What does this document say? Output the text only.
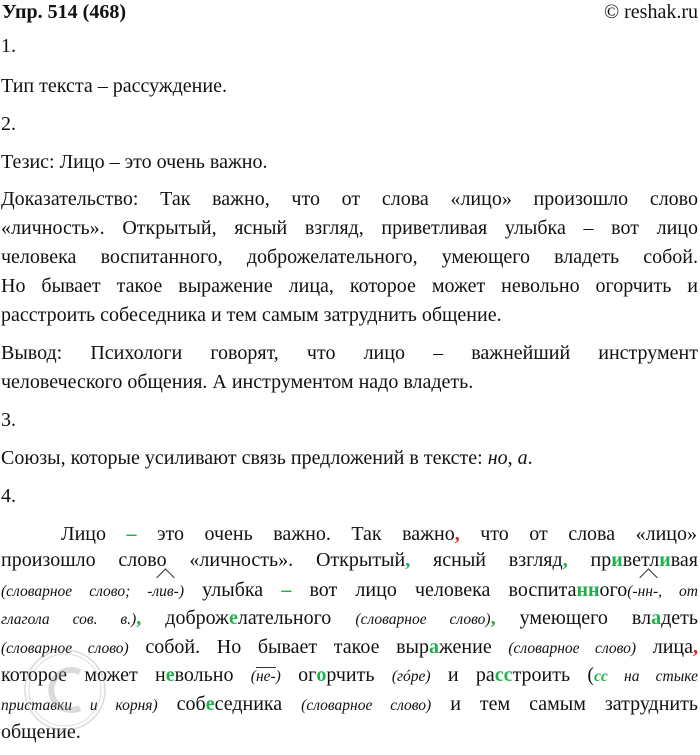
Упр. 514 (468)	© reshak.ru
1.
Тип текста – рассуждение.
2.
Тезис: Лицо – это очень важно.
Доказательство: Так важно, что от слова «лицо» произошло слово
«личность». Открытый, ясный взгляд, приветливая улыбка – вот лицо
человека воспитанного, доброжелательного, умеющего владеть собой.
Но бывает такое выражение лица, которое может невольно огорчить и
расстроить собеседника и тем самым затруднить общение.
Вывод: Психологи говорят, что лицо – важнейший инструмент
человеческого общения. А инструментом надо владеть.
3.
Союзы, которые усиливают связь предложений в тексте: но, а.
4.
Лицо – это очень важно. Так важно, что от слова «лицо»
произошло слово «личность». Открытый, ясный взгляд, приветливая
(словарное слово; -лив-) улыбка – вот лицо человека воспитанного(-нн-, от
глагола сов. в.), доброжелательного (словарное слово), умеющего владеть
(словарное слово) собой. Но бывает такое выражение (словарное слово) лица,
которое может невольно (не-) огорчить (гóре) и расстроить (сс на стыке
приставки и корня) собеседника (словарное слово) и тем самым затруднить
общение.
